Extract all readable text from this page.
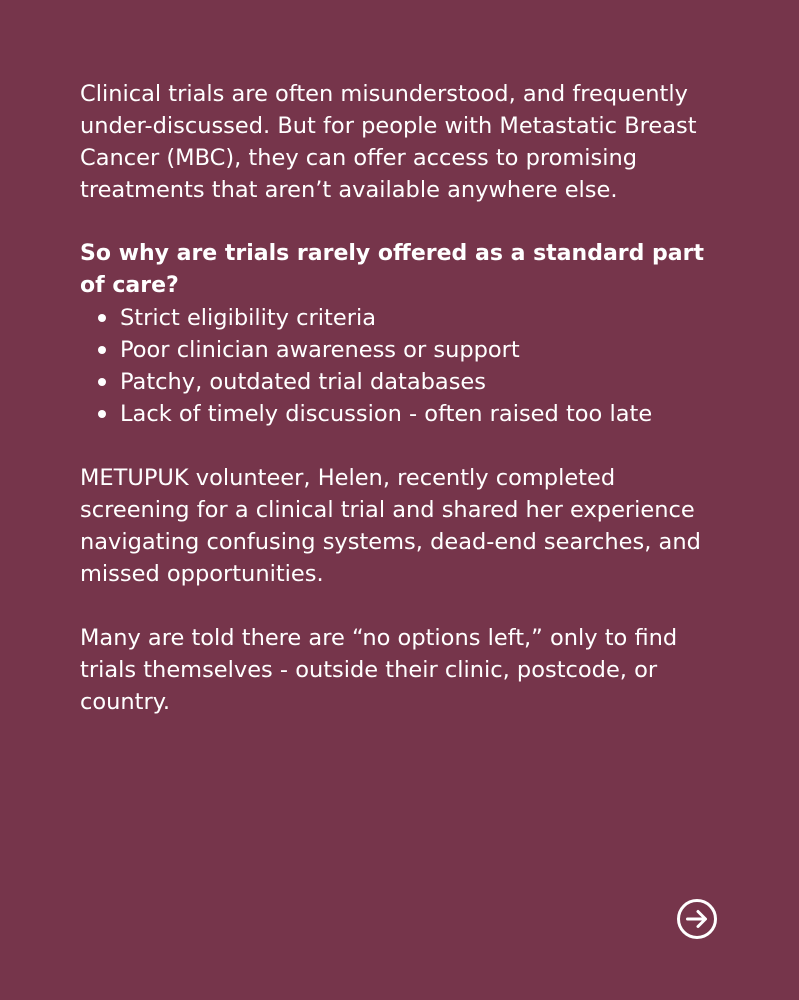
Clinical trials are often misunderstood, and frequently under-discussed. But for people with Metastatic Breast Cancer (MBC), they can offer access to promising treatments that aren’t available anywhere else.

So why are trials rarely offered as a standard part of care?

Strict eligibility criteria
Poor clinician awareness or support
Patchy, outdated trial databases
Lack of timely discussion - often raised too late

METUPUK volunteer, Helen, recently completed screening for a clinical trial and shared her experience navigating confusing systems, dead-end searches, and missed opportunities.

Many are told there are “no options left,” only to find trials themselves - outside their clinic, postcode, or country.
